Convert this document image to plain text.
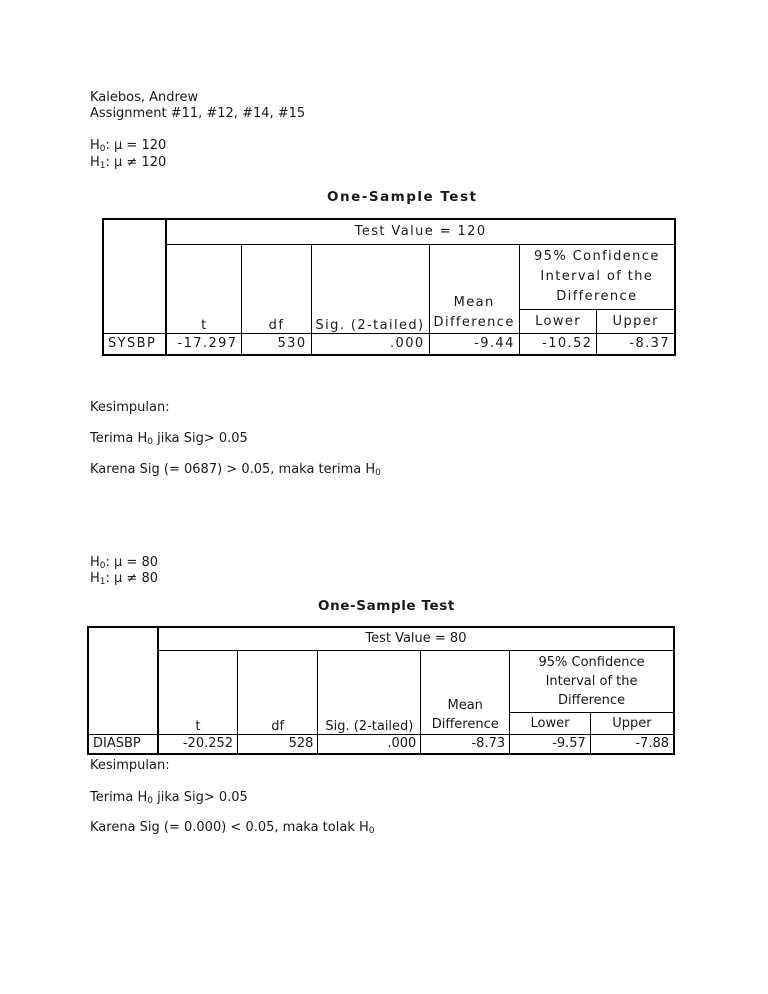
Kalebos, Andrew
Assignment #11, #12, #14, #15
$H_0$: μ = 120
$H_1$: μ ≠ 120
One-Sample Test
	Test Value = 120					
	t	df	Sig. (2-tailed)	Mean
Difference	95% Confidence
Interval of the
Difference	
					Lower	Upper

SYSBP	-17.297	530	.000	-9.44	-10.52	-8.37
Kesimpulan:
Terima $H_0$ jika Sig> 0.05
Karena Sig (= 0687) > 0.05, maka terima $H_0$
$H_0$: μ = 80
$H_1$: μ ≠ 80
One-Sample Test
	Test Value = 80					
	t	df	Sig. (2-tailed)	Mean
Difference	95% Confidence
Interval of the
Difference	
					Lower	Upper
DIASBP	-20.252	528	.000	-8.73	-9.57	-7.88
Kesimpulan:
Terima $H_0$ jika Sig> 0.05
Karena Sig (= 0.000) < 0.05, maka tolak $H_0$
